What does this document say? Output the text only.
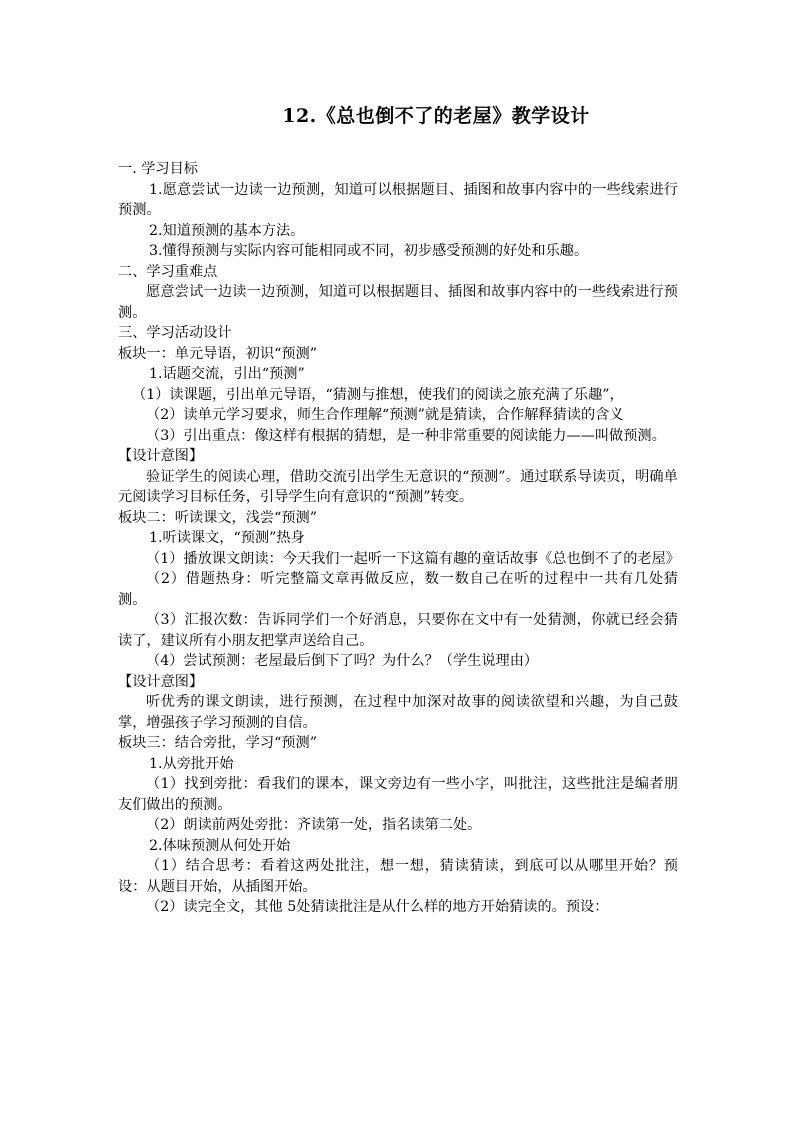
12.《总也倒不了的老屋》教学设计

一. 学习目标

1.愿意尝试一边读一边预测，知道可以根据题目、插图和故事内容中的一些线索进行预测。

2.知道预测的基本方法。

3.懂得预测与实际内容可能相同或不同，初步感受预测的好处和乐趣。

二、学习重难点

愿意尝试一边读一边预测，知道可以根据题目、插图和故事内容中的一些线索进行预测。

三、学习活动设计

板块一：单元导语，初识“预测”

1.话题交流，引出“预测”

（1）读课题，引出单元导语，“猜测与推想，使我们的阅读之旅充满了乐趣”，

（2）读单元学习要求，师生合作理解“预测”就是猜读，合作解释猜读的含义

（3）引出重点：像这样有根据的猜想，是一种非常重要的阅读能力——叫做预测。

【设计意图】

验证学生的阅读心理，借助交流引出学生无意识的“预测”。通过联系导读页，明确单元阅读学习目标任务，引导学生向有意识的“预测”转变。

板块二：听读课文，浅尝“预测”

1.听读课文，“预测”热身

（1）播放课文朗读：今天我们一起听一下这篇有趣的童话故事《总也倒不了的老屋》

（2）借题热身：听完整篇文章再做反应，数一数自己在听的过程中一共有几处猜测。

（3）汇报次数：告诉同学们一个好消息，只要你在文中有一处猜测，你就已经会猜读了，建议所有小朋友把掌声送给自己。

（4）尝试预测：老屋最后倒下了吗？为什么？（学生说理由）

【设计意图】

听优秀的课文朗读，进行预测，在过程中加深对故事的阅读欲望和兴趣，为自己鼓掌，增强孩子学习预测的自信。

板块三：结合旁批，学习“预测”

1.从旁批开始

（1）找到旁批：看我们的课本，课文旁边有一些小字，叫批注，这些批注是编者朋友们做出的预测。

（2）朗读前两处旁批：齐读第一处，指名读第二处。

2.体味预测从何处开始

（1）结合思考：看着这两处批注，想一想，猜读猜读，到底可以从哪里开始？预设：从题目开始，从插图开始。

（2）读完全文，其他 5处猜读批注是从什么样的地方开始猜读的。预设：
